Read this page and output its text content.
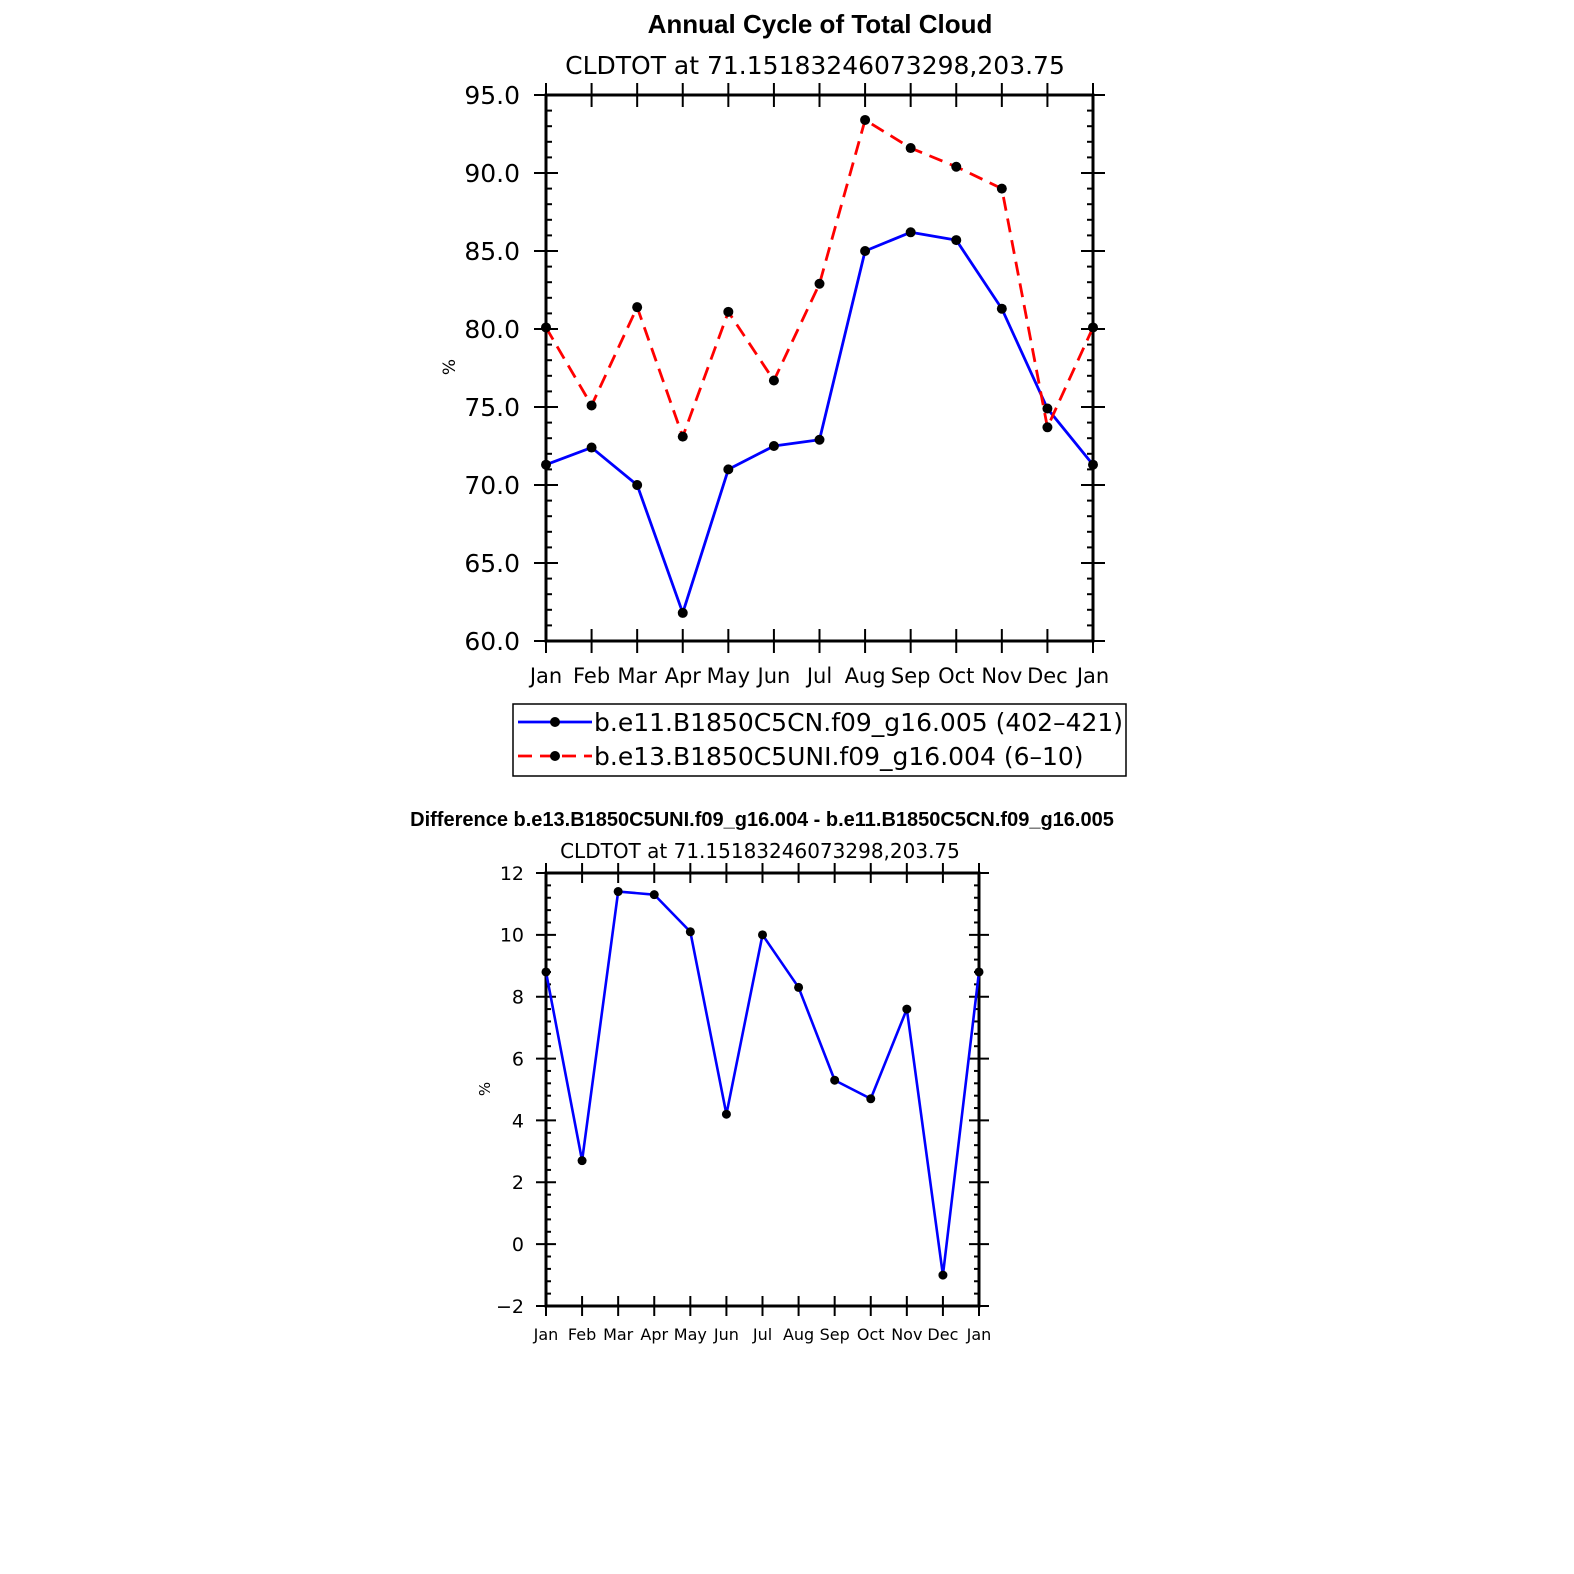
Annual Cycle of Total Cloud
CLDTOT at 71.15183246073298,203.75
%
60.0
65.0
70.0
75.0
80.0
85.0
90.0
95.0
Jan Feb Mar Apr May Jun Jul Aug Sep Oct Nov Dec Jan
b.e11.B1850C5CN.f09_g16.005 (402–421)
b.e13.B1850C5UNI.f09_g16.004 (6–10)
Difference b.e13.B1850C5UNI.f09_g16.004 - b.e11.B1850C5CN.f09_g16.005
CLDTOT at 71.15183246073298,203.75
%
−2
0
2
4
6
8
10
12
Jan Feb Mar Apr May Jun Jul Aug Sep Oct Nov Dec Jan
